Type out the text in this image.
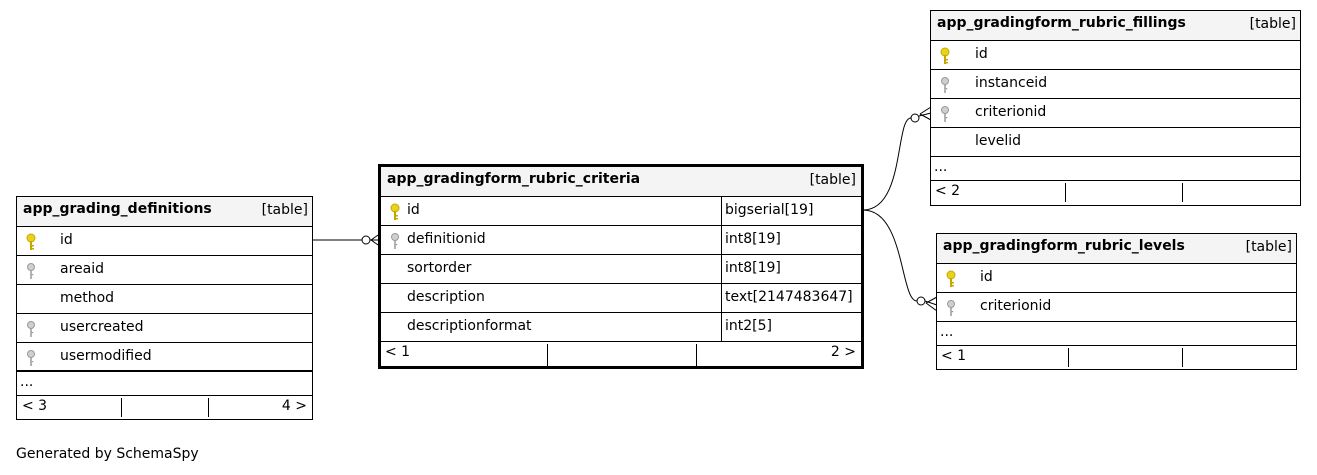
app_grading_definitions	[table]
id
areaid
method
usercreated
usermodified
...
< 3	4 >
app_gradingform_rubric_criteria	[table]
id	bigserial[19]
definitionid	int8[19]
sortorder	int8[19]
description	text[2147483647]
descriptionformat	int2[5]
< 1	2 >
app_gradingform_rubric_fillings	[table]
id
instanceid
criterionid
levelid
...
< 2
app_gradingform_rubric_levels	[table]
id
criterionid
...
< 1
Generated by SchemaSpy
